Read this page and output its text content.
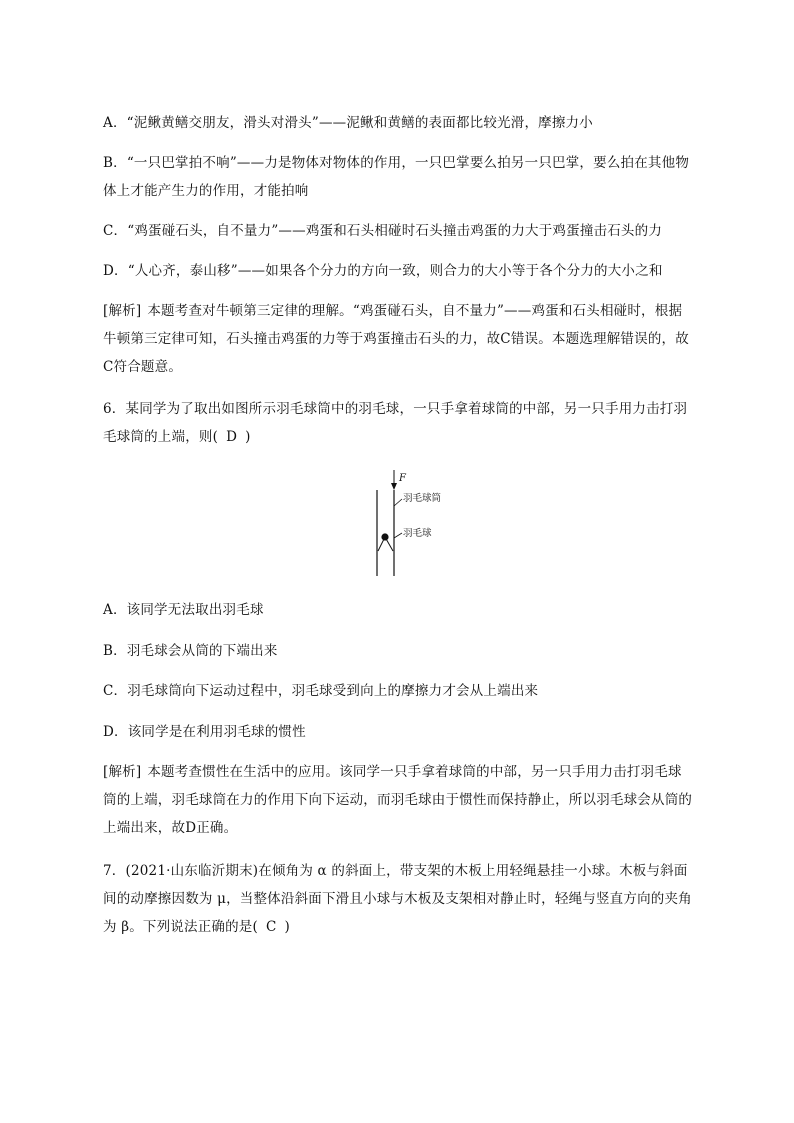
A．“泥鳅黄鳝交朋友，滑头对滑头”——泥鳅和黄鳝的表面都比较光滑，摩擦力小

B．“一只巴掌拍不响”——力是物体对物体的作用，一只巴掌要么拍另一只巴掌，要么拍在其他物体上才能产生力的作用，才能拍响

C．“鸡蛋碰石头，自不量力”——鸡蛋和石头相碰时石头撞击鸡蛋的力大于鸡蛋撞击石头的力

D．“人心齐，泰山移”——如果各个分力的方向一致，则合力的大小等于各个分力的大小之和

[解析] 本题考查对牛顿第三定律的理解。“鸡蛋碰石头，自不量力”——鸡蛋和石头相碰时，根据牛顿第三定律可知，石头撞击鸡蛋的力等于鸡蛋撞击石头的力，故C错误。本题选理解错误的，故C符合题意。

6．某同学为了取出如图所示羽毛球筒中的羽毛球，一只手拿着球筒的中部，另一只手用力击打羽毛球筒的上端，则( D )

F
羽毛球筒
羽毛球

A．该同学无法取出羽毛球

B．羽毛球会从筒的下端出来

C．羽毛球筒向下运动过程中，羽毛球受到向上的摩擦力才会从上端出来

D．该同学是在利用羽毛球的惯性

[解析] 本题考查惯性在生活中的应用。该同学一只手拿着球筒的中部，另一只手用力击打羽毛球筒的上端，羽毛球筒在力的作用下向下运动，而羽毛球由于惯性而保持静止，所以羽毛球会从筒的上端出来，故D正确。

7．(2021·山东临沂期末)在倾角为 α 的斜面上，带支架的木板上用轻绳悬挂一小球。木板与斜面间的动摩擦因数为 μ，当整体沿斜面下滑且小球与木板及支架相对静止时，轻绳与竖直方向的夹角为 β。下列说法正确的是( C )
